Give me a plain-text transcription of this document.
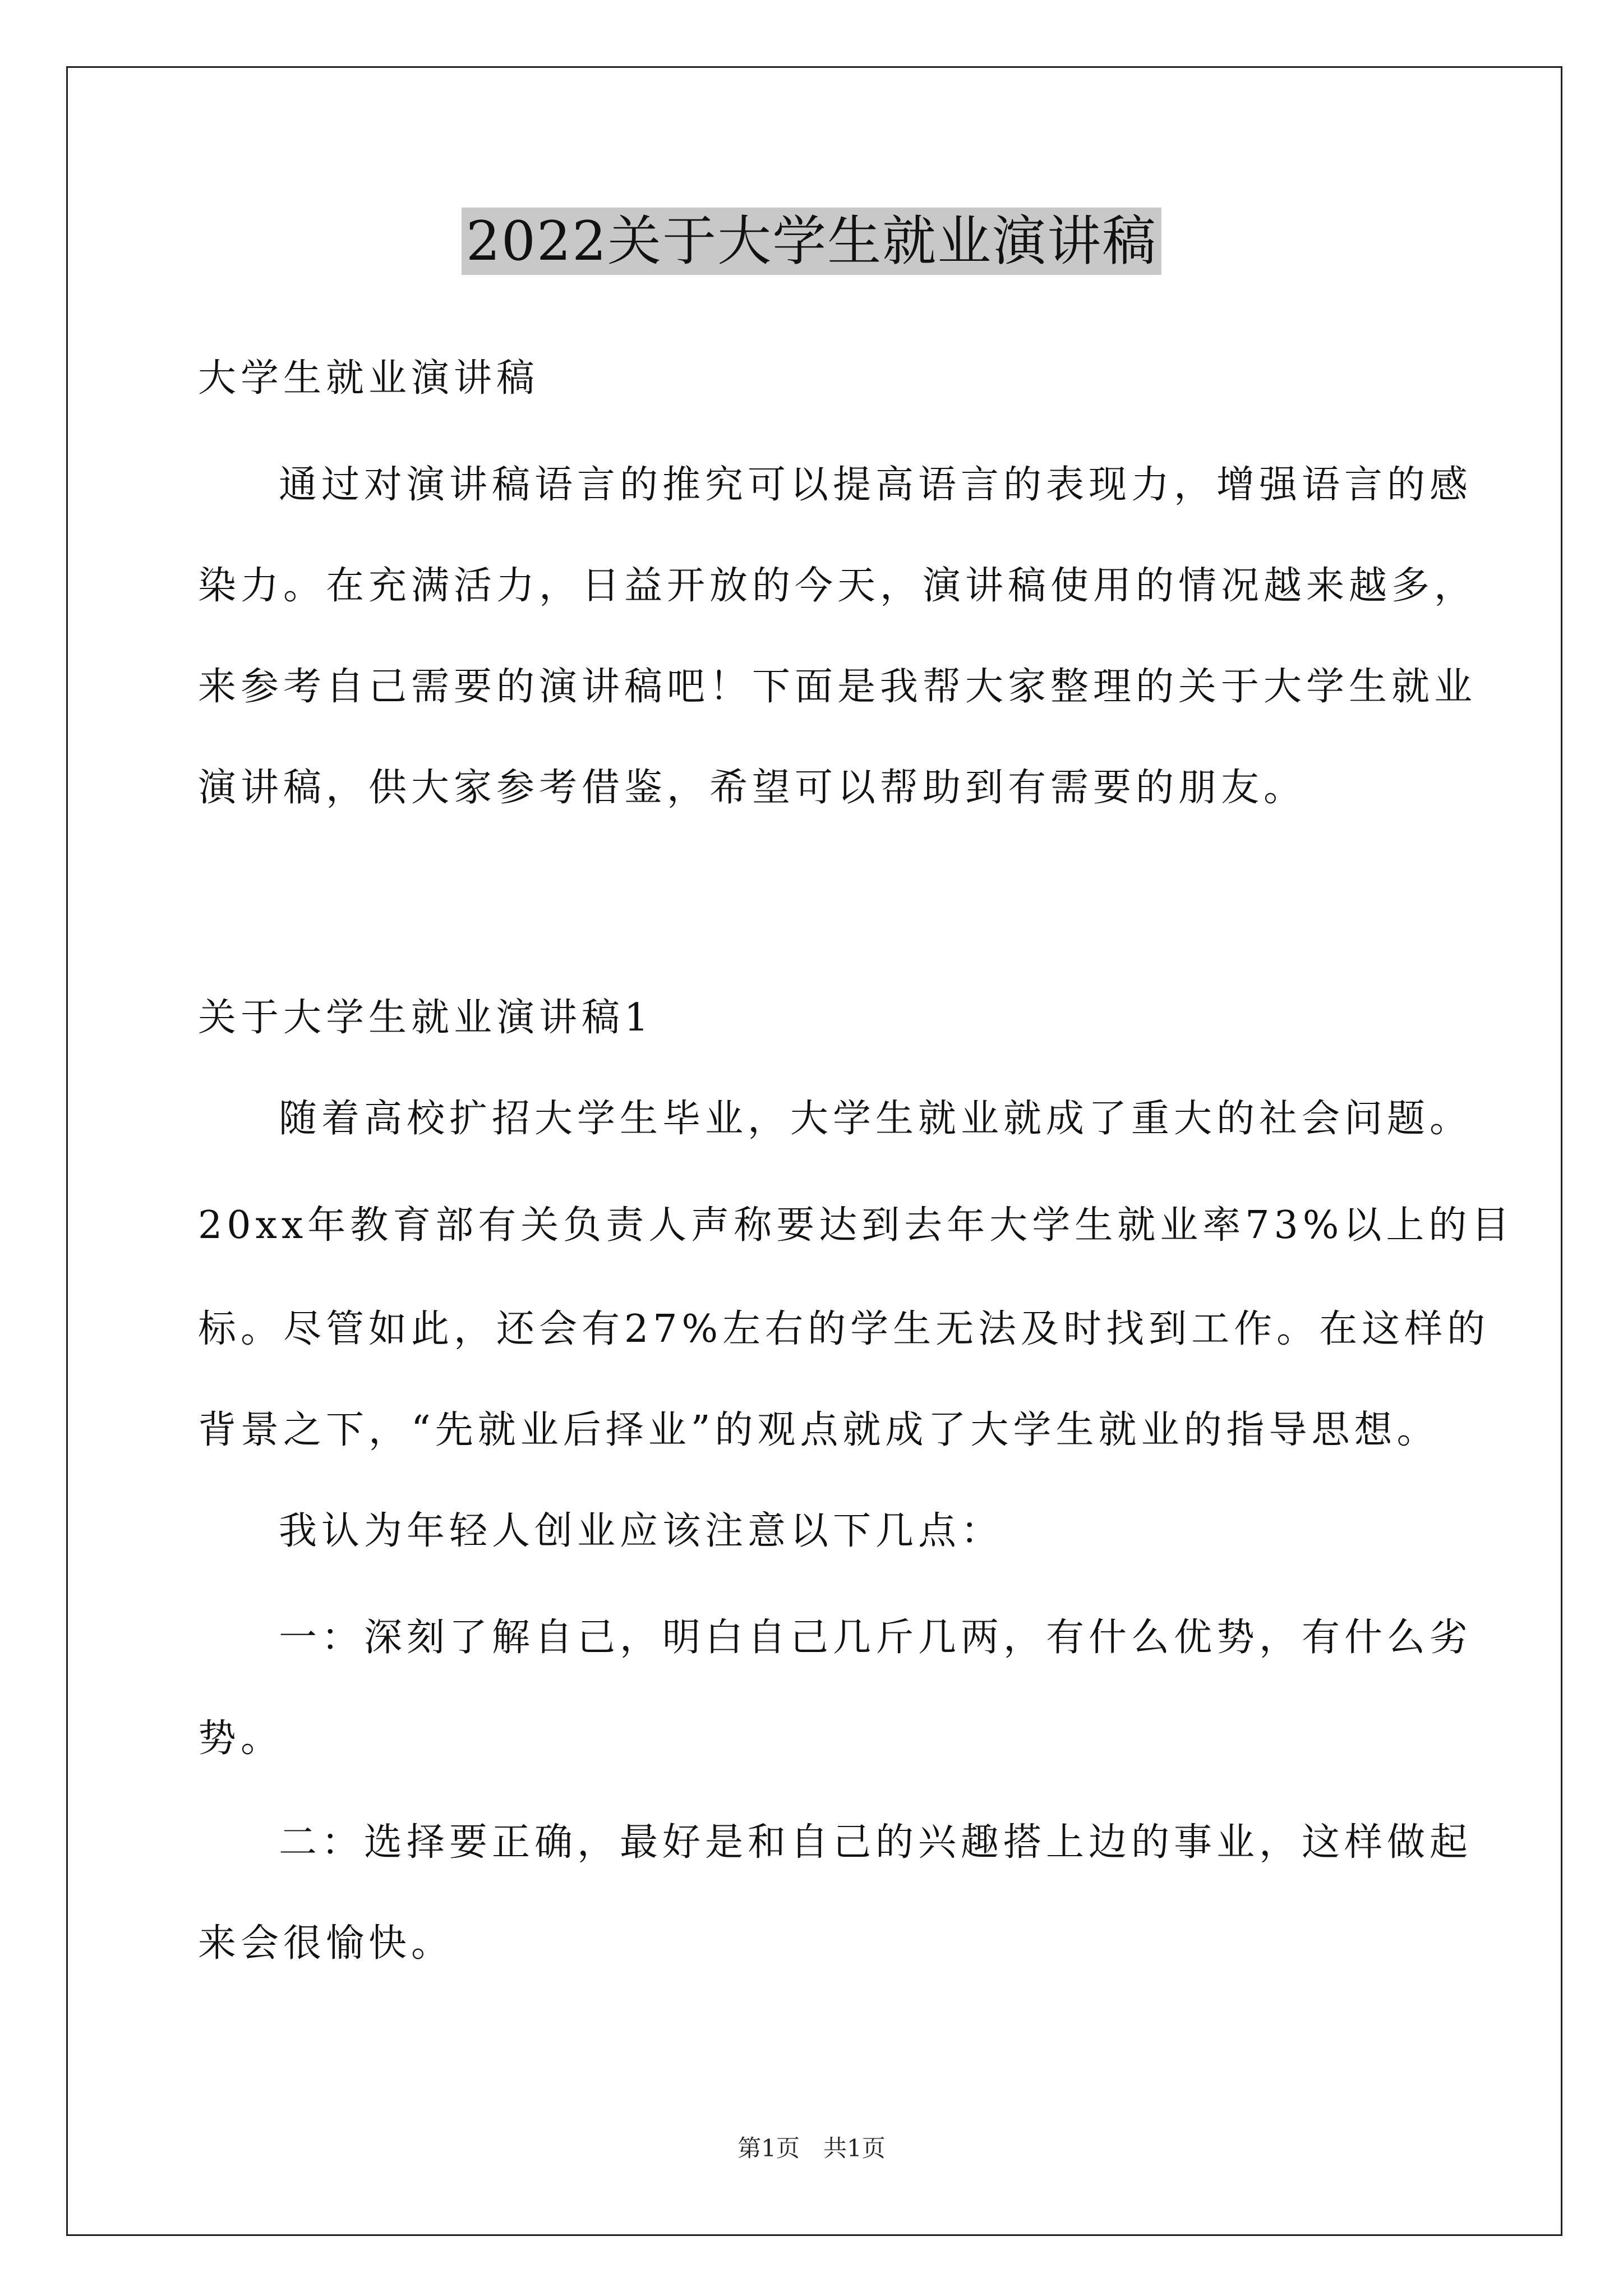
2022关于大学生就业演讲稿
大学生就业演讲稿
通过对演讲稿语言的推究可以提高语言的表现力，增强语言的感
染力。在充满活力，日益开放的今天，演讲稿使用的情况越来越多，
来参考自己需要的演讲稿吧！下面是我帮大家整理的关于大学生就业
演讲稿，供大家参考借鉴，希望可以帮助到有需要的朋友。
关于大学生就业演讲稿1
随着高校扩招大学生毕业，大学生就业就成了重大的社会问题。
20xx年教育部有关负责人声称要达到去年大学生就业率73%以上的目
标。尽管如此，还会有27%左右的学生无法及时找到工作。在这样的
背景之下，“先就业后择业”的观点就成了大学生就业的指导思想。
我认为年轻人创业应该注意以下几点：
一：深刻了解自己，明白自己几斤几两，有什么优势，有什么劣
势。
二：选择要正确，最好是和自己的兴趣搭上边的事业，这样做起
来会很愉快。
第1页　共1页
